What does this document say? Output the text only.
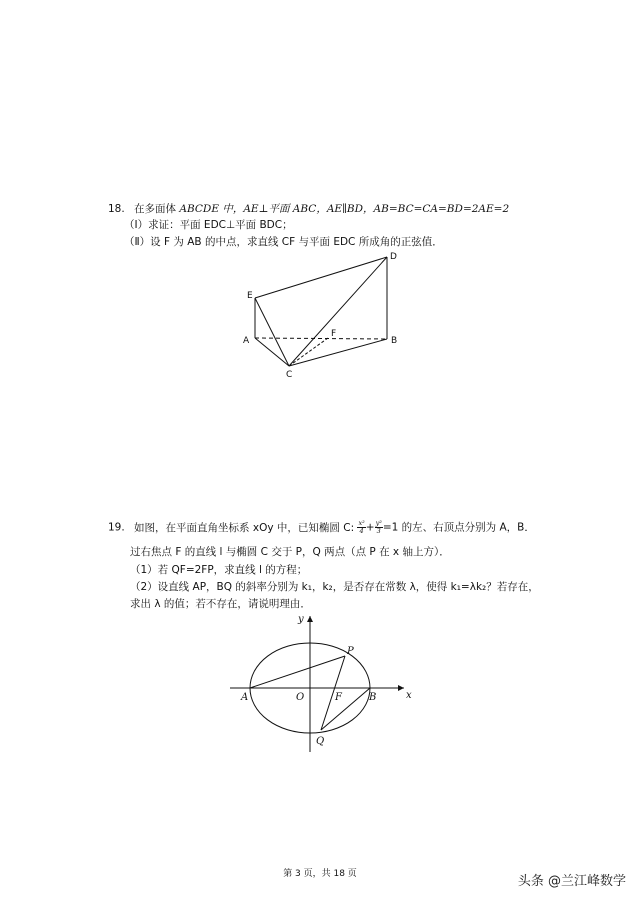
18. 在多面体 ABCDE 中，AE⊥平面 ABC，AE∥BD，AB=BC=CA=BD=2AE=2
（Ⅰ）求证：平面 EDC⊥平面 BDC；
（Ⅱ）设 F 为 AB 的中点，求直线 CF 与平面 EDC 所成角的正弦值．
D
E
F
A	B
C
19. 如图，在平面直角坐标系 xOy 中，已知椭圆 C: $\frac{\text{x²}}{4} + \frac{\text{y²}}{3} =1$ 的左、右顶点分别为 A，B．
过右焦点 F 的直线 l 与椭圆 C 交于 P，Q 两点（点 P 在 x 轴上方）．
（1）若 QF=2FP，求直线 l 的方程；
（2）设直线 AP，BQ 的斜率分别为 k₁，k₂，是否存在常数 λ，使得 k₁=λk₂？若存在，
求出 λ 的值；若不存在，请说明理由．
y
x
P
A	O	F	B
Q
第 3 页，共 18 页	头条 @兰江峰数学
